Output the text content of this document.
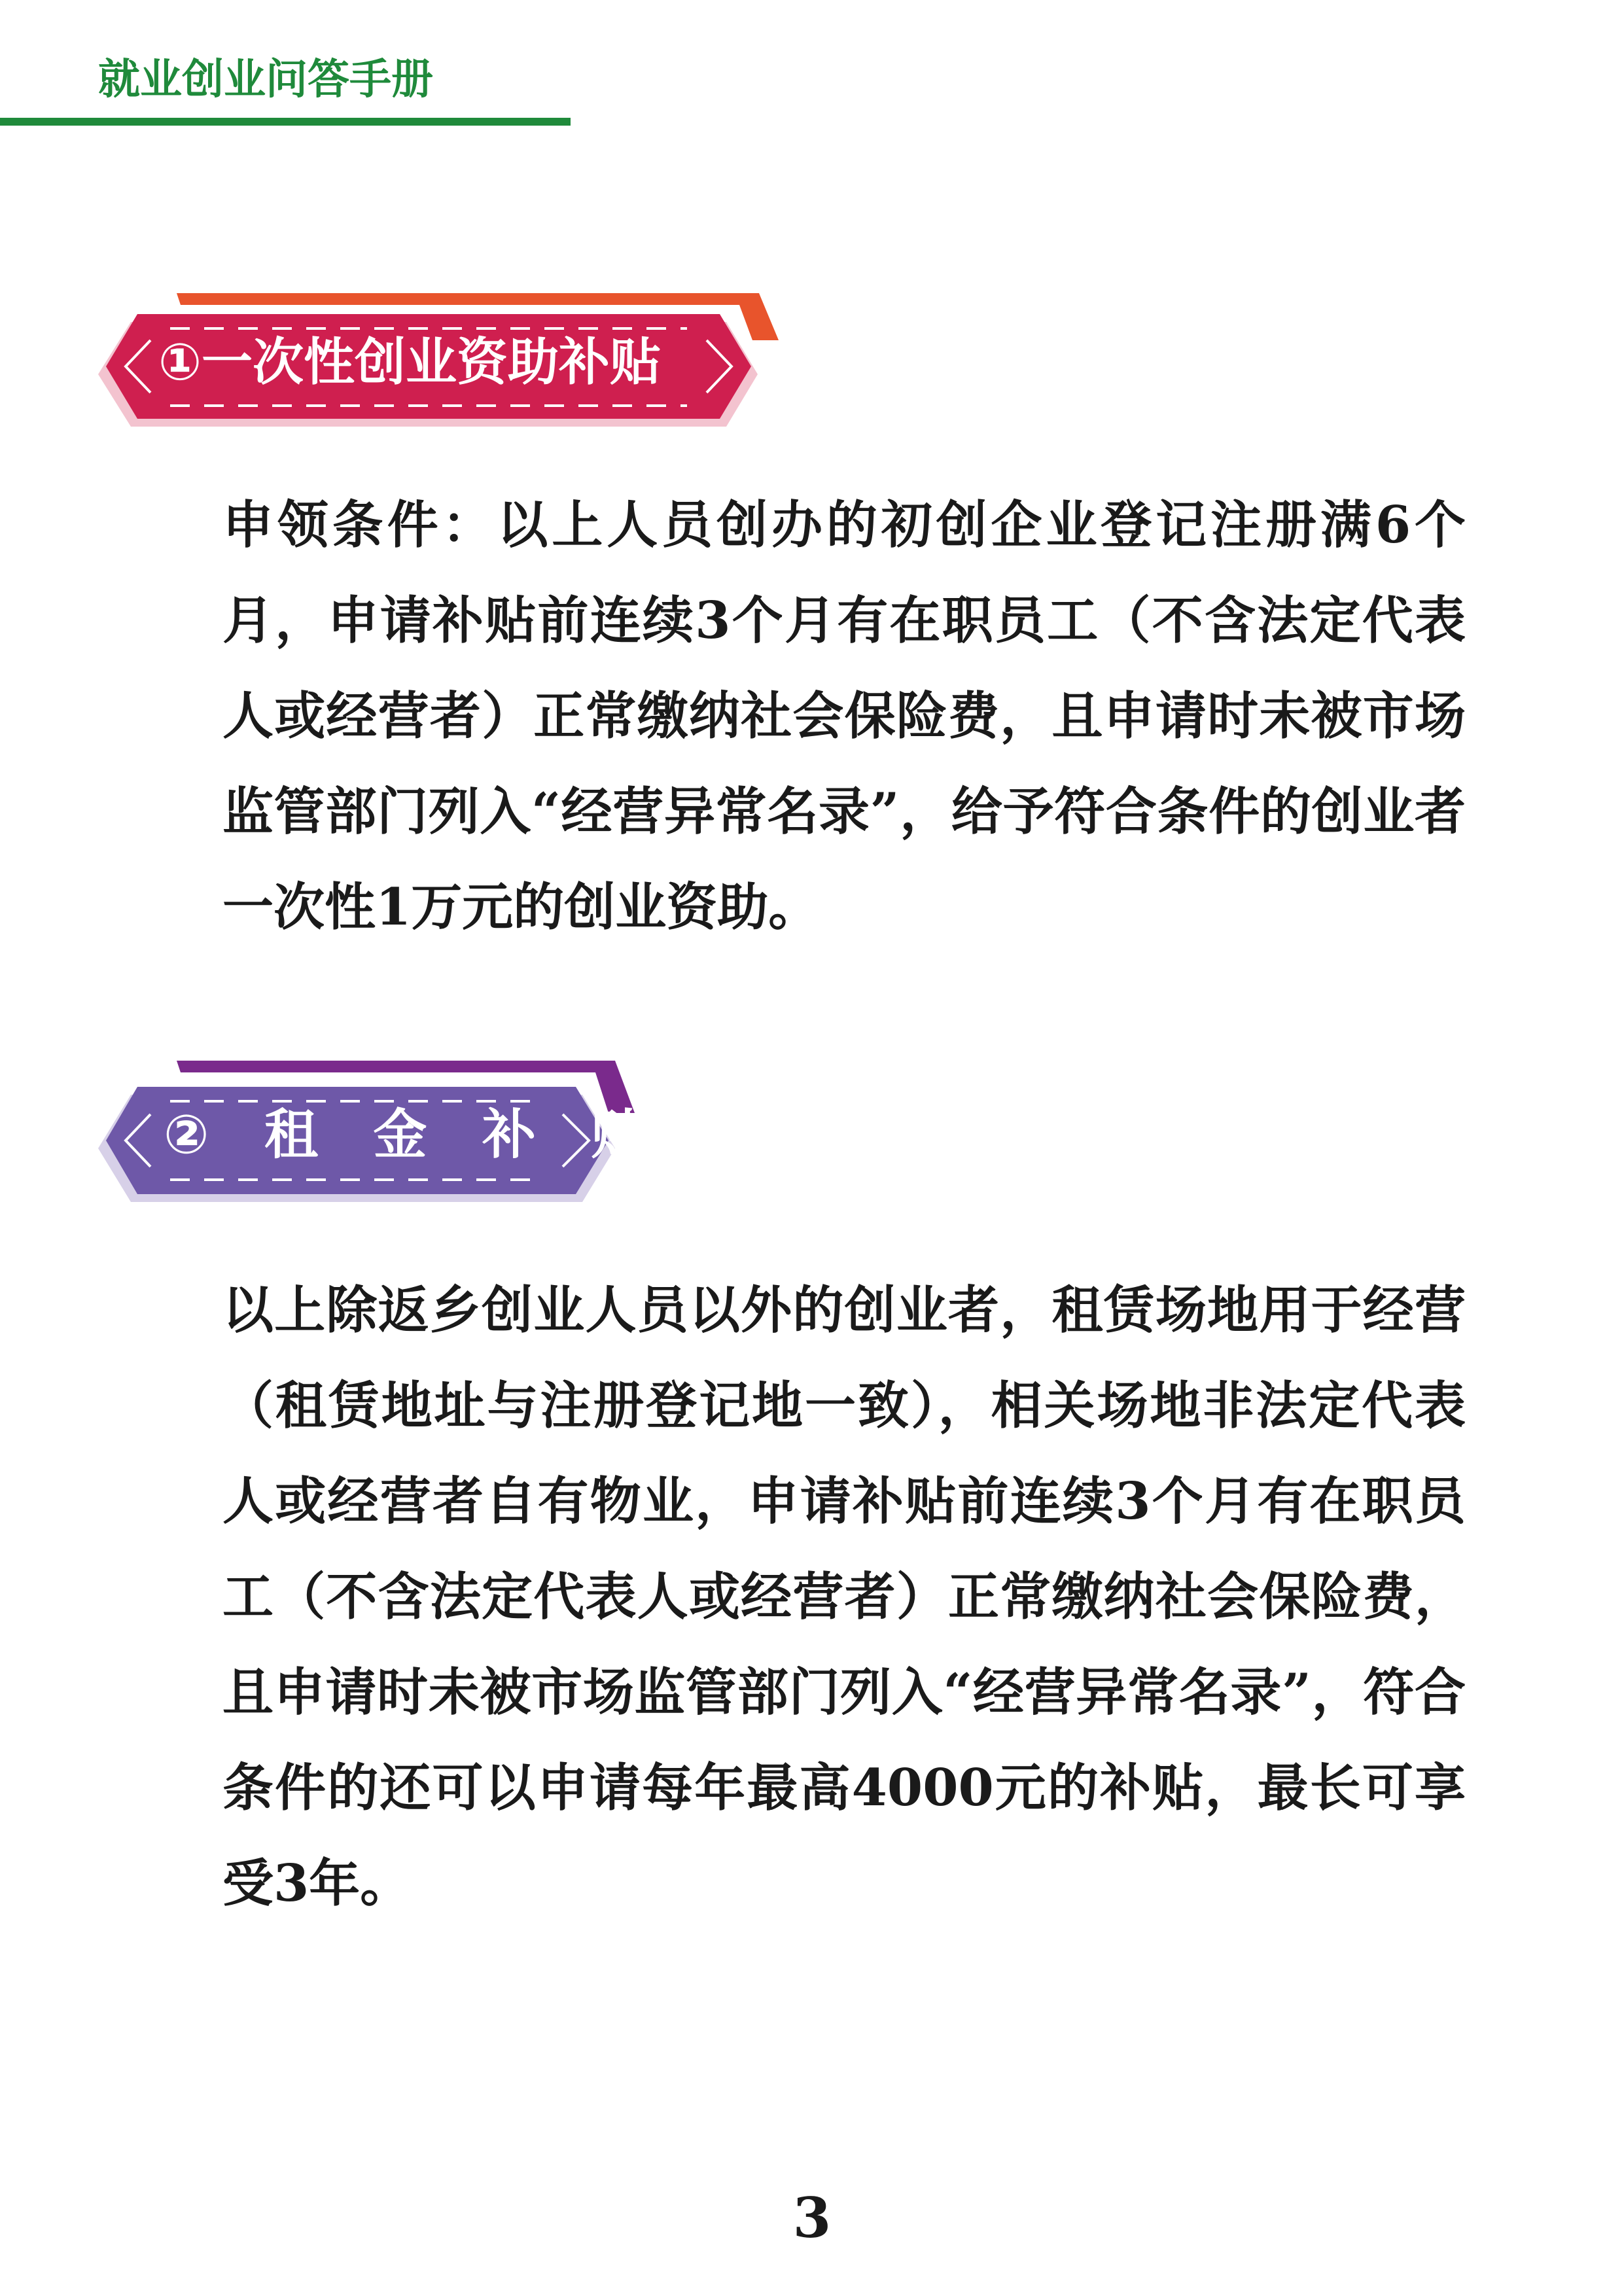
就业创业问答手册
①一次性创业资助补贴
申领条件：以上人员创办的初创企业登记注册满6个月，申请补贴前连续3个月有在职员工（不含法定代表人或经营者）正常缴纳社会保险费，且申请时未被市场监管部门列入“经营异常名录”，给予符合条件的创业者一次性1万元的创业资助。
② 租 金 补 贴
以上除返乡创业人员以外的创业者，租赁场地用于经营（租赁地址与注册登记地一致），相关场地非法定代表人或经营者自有物业，申请补贴前连续3个月有在职员工（不含法定代表人或经营者）正常缴纳社会保险费，且申请时未被市场监管部门列入“经营异常名录”，符合条件的还可以申请每年最高4000元的补贴，最长可享受3年。
3
